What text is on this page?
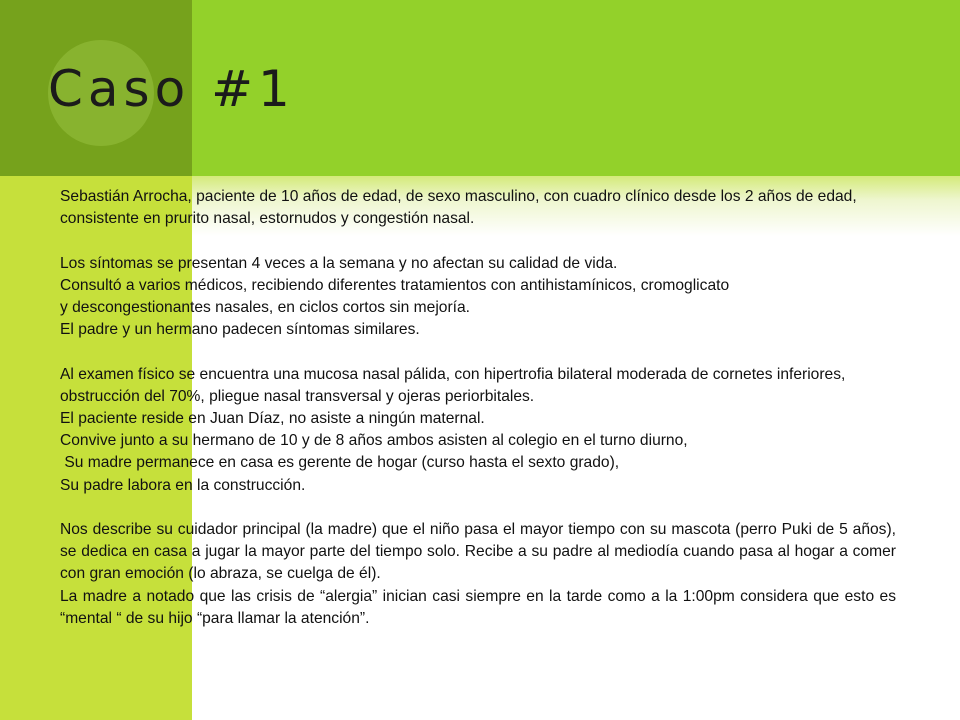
Caso #1

Sebastián Arrocha, paciente de 10 años de edad, de sexo masculino, con cuadro clínico desde los 2 años de edad, consistente en prurito nasal, estornudos y congestión nasal.

Los síntomas se presentan 4 veces a la semana y no afectan su calidad de vida.

Consultó a varios médicos, recibiendo diferentes tratamientos con antihistamínicos, cromoglicato

y descongestionantes nasales, en ciclos cortos sin mejoría.

El padre y un hermano padecen síntomas similares.

Al examen físico se encuentra una mucosa nasal pálida, con hipertrofia bilateral moderada de cornetes inferiores, obstrucción del 70%, pliegue nasal transversal y ojeras periorbitales.

El paciente reside en Juan Díaz, no asiste a ningún maternal.

Convive junto a su hermano de 10 y de 8 años ambos asisten al colegio en el turno diurno,

Su madre permanece en casa es gerente de hogar (curso hasta el sexto grado),

Su padre labora en la construcción.

Nos describe su cuidador principal (la madre) que el niño pasa el mayor tiempo con su mascota (perro Puki de 5 años), se dedica en casa a jugar la mayor parte del tiempo solo. Recibe a su padre al mediodía cuando pasa al hogar a comer con gran emoción (lo abraza, se cuelga de él).

La madre a notado que las crisis de “alergia” inician casi siempre en la tarde como a la 1:00pm considera que esto es “mental “ de su hijo “para llamar la atención”.
